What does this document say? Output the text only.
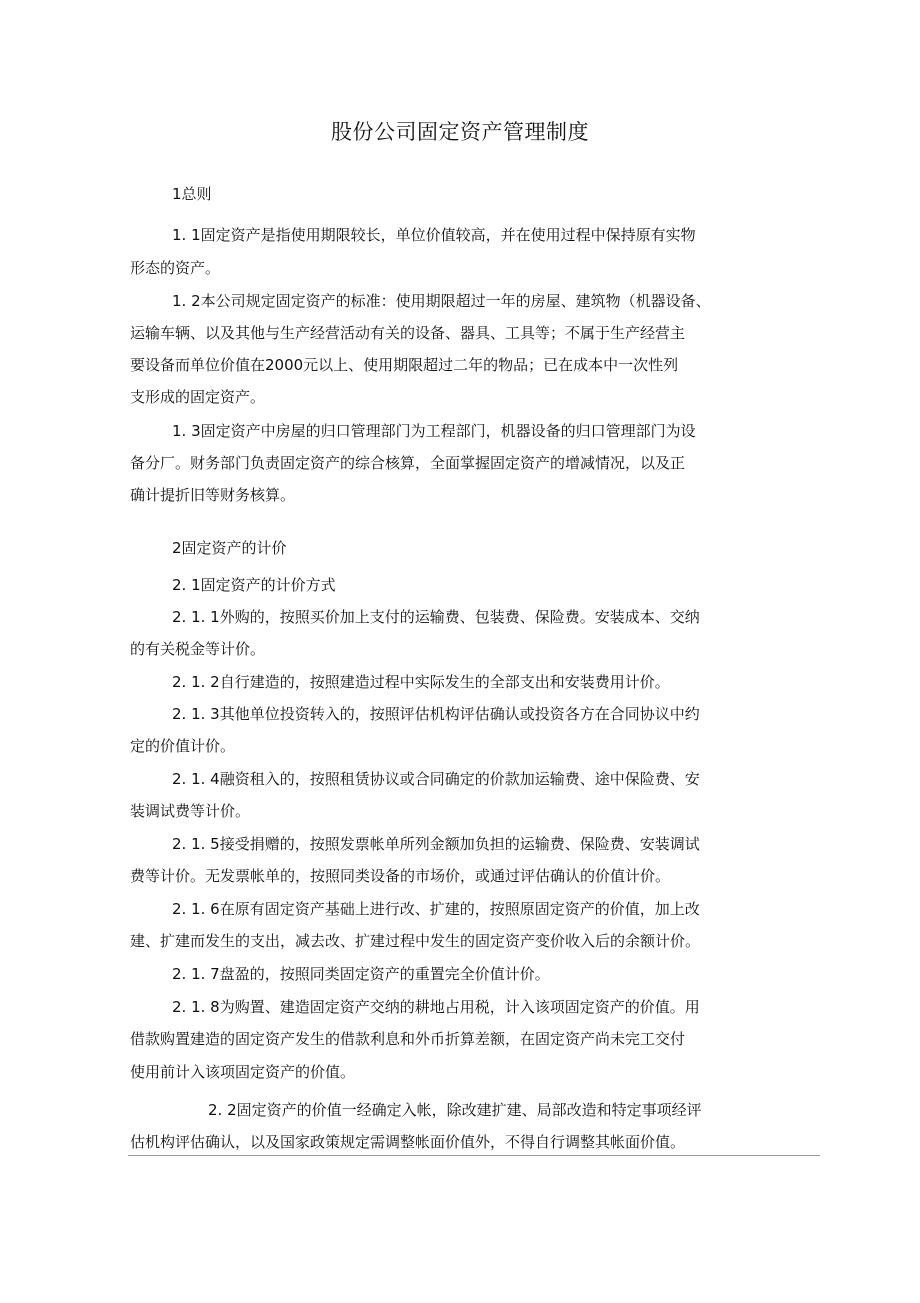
股份公司固定资产管理制度
1总则
1. 1固定资产是指使用期限较长，单位价值较高，并在使用过程中保持原有实物
形态的资产。
1. 2本公司规定固定资产的标准：使用期限超过一年的房屋、建筑物（机器设备、
运输车辆、以及其他与生产经营活动有关的设备、器具、工具等；不属于生产经营主
要设备而单位价值在2000元以上、使用期限超过二年的物品；已在成本中一次性列
支形成的固定资产。
1. 3固定资产中房屋的归口管理部门为工程部门，机器设备的归口管理部门为设
备分厂。财务部门负责固定资产的综合核算，全面掌握固定资产的增减情况，以及正
确计提折旧等财务核算。
2固定资产的计价
2. 1固定资产的计价方式
2. 1. 1外购的，按照买价加上支付的运输费、包装费、保险费。安装成本、交纳
的有关税金等计价。
2. 1. 2自行建造的，按照建造过程中实际发生的全部支出和安装费用计价。
2. 1. 3其他单位投资转入的，按照评估机构评估确认或投资各方在合同协议中约
定的价值计价。
2. 1. 4融资租入的，按照租赁协议或合同确定的价款加运输费、途中保险费、安
装调试费等计价。
2. 1. 5接受捐赠的，按照发票帐单所列金额加负担的运输费、保险费、安装调试
费等计价。无发票帐单的，按照同类设备的市场价，或通过评估确认的价值计价。
2. 1. 6在原有固定资产基础上进行改、扩建的，按照原固定资产的价值，加上改
建、扩建而发生的支出，减去改、扩建过程中发生的固定资产变价收入后的余额计价。
2. 1. 7盘盈的，按照同类固定资产的重置完全价值计价。
2. 1. 8为购置、建造固定资产交纳的耕地占用税，计入该项固定资产的价值。用
借款购置建造的固定资产发生的借款利息和外币折算差额，在固定资产尚未完工交付
使用前计入该项固定资产的价值。
2. 2固定资产的价值一经确定入帐，除改建扩建、局部改造和特定事项经评
估机构评估确认，以及国家政策规定需调整帐面价值外，不得自行调整其帐面价值。
